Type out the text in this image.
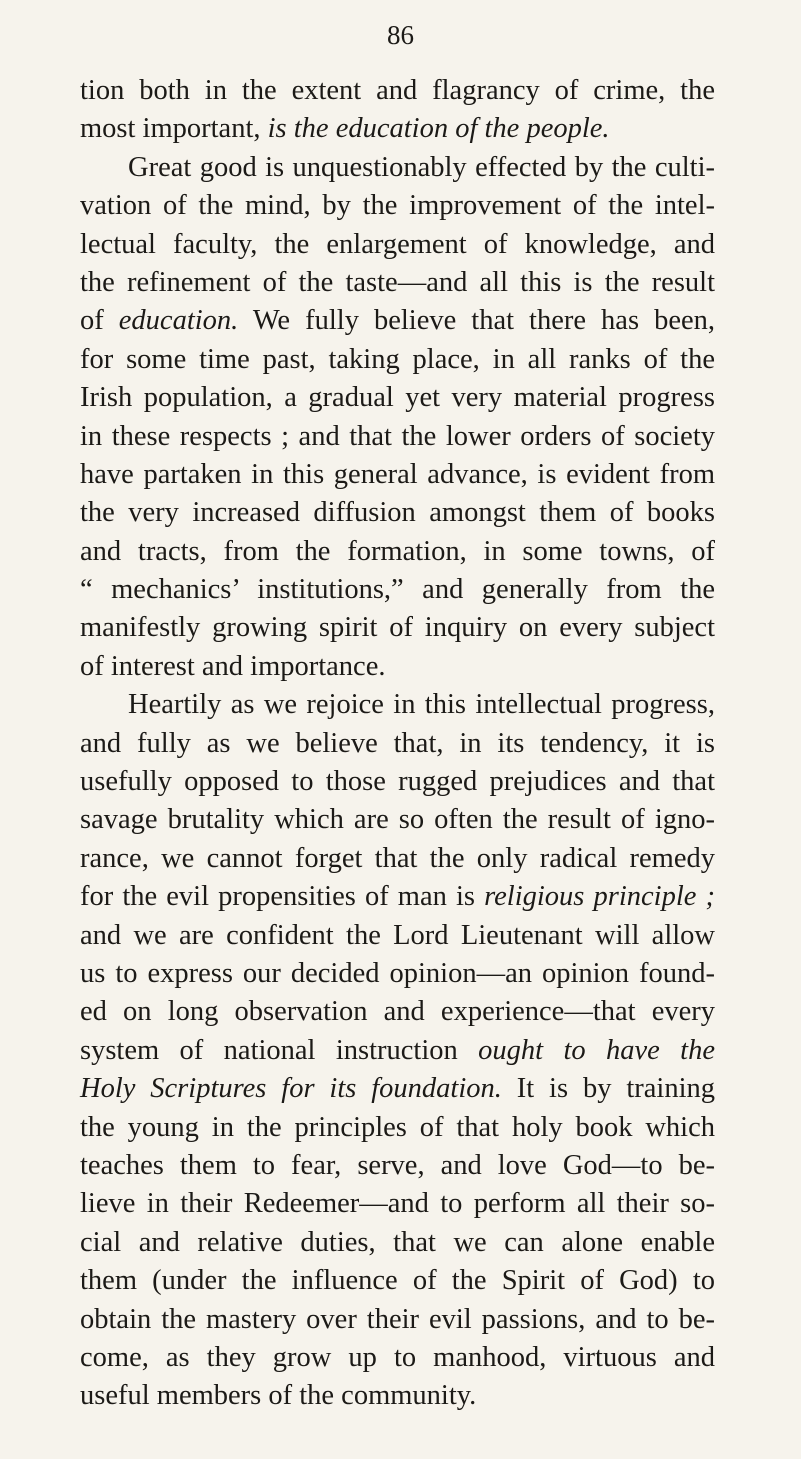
86
tion both in the extent and flagrancy of crime, the
most important, is the education of the people.
Great good is unquestionably effected by the culti-
vation of the mind, by the improvement of the intel-
lectual faculty, the enlargement of knowledge, and
the refinement of the taste—and all this is the result
of education. We fully believe that there has been,
for some time past, taking place, in all ranks of the
Irish population, a gradual yet very material progress
in these respects ; and that the lower orders of society
have partaken in this general advance, is evident from
the very increased diffusion amongst them of books
and tracts, from the formation, in some towns, of
“ mechanics’ institutions,” and generally from the
manifestly growing spirit of inquiry on every subject
of interest and importance.
Heartily as we rejoice in this intellectual progress,
and fully as we believe that, in its tendency, it is
usefully opposed to those rugged prejudices and that
savage brutality which are so often the result of igno-
rance, we cannot forget that the only radical remedy
for the evil propensities of man is religious principle ;
and we are confident the Lord Lieutenant will allow
us to express our decided opinion—an opinion found-
ed on long observation and experience—that every
system of national instruction ought to have the
Holy Scriptures for its foundation. It is by training
the young in the principles of that holy book which
teaches them to fear, serve, and love God—to be-
lieve in their Redeemer—and to perform all their so-
cial and relative duties, that we can alone enable
them (under the influence of the Spirit of God) to
obtain the mastery over their evil passions, and to be-
come, as they grow up to manhood, virtuous and
useful members of the community.
